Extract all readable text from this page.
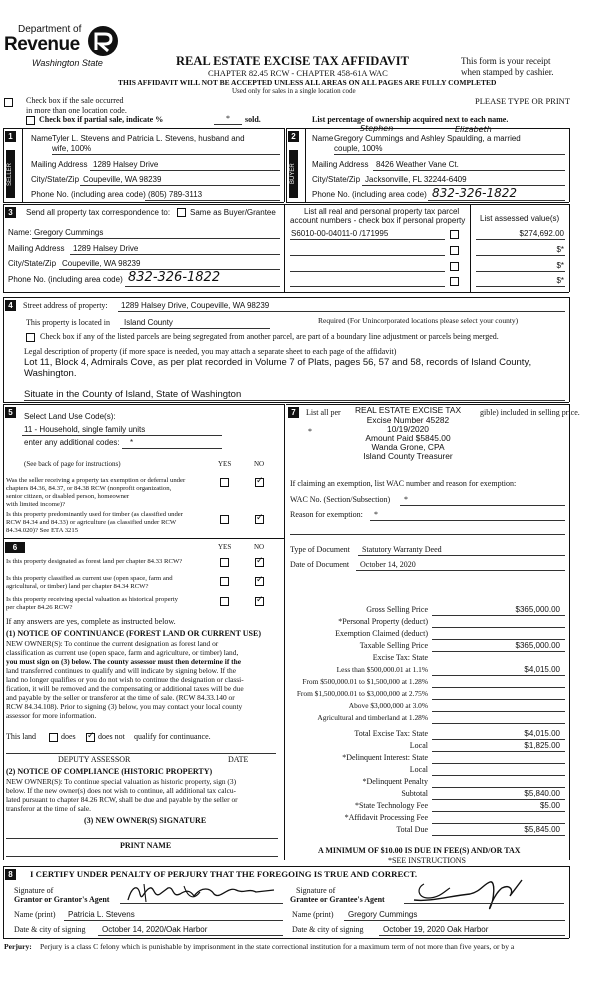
Department of
Revenue
Washington State	REAL ESTATE EXCISE TAX AFFIDAVIT
CHAPTER 82.45 RCW - CHAPTER 458-61A WAC
THIS AFFIDAVIT WILL NOT BE ACCEPTED UNLESS ALL AREAS ON ALL PAGES ARE FULLY COMPLETED
Used only for sales in a single location code
This form is your receipt
when stamped by cashier.
PLEASE TYPE OR PRINT
Check box if the sale occurred
in more than one location code.
Check box if partial sale, indicate %	* sold.	List percentage of ownership acquired next to each name.
1
SELLER GRANTOR
Name Tyler L. Stevens and Patricia L. Stevens, husband and
wife, 100%
Mailing Address 1289 Halsey Drive
City/State/Zip Coupeville, WA 98239
Phone No. (including area code) (805) 789-3113
2
BUYER GRANTEE
Stephen	Elizabeth
Name Gregory Cummings and Ashley Spaulding, a married
couple, 100%
Mailing Address 8426 Weather Vane Ct.
City/State/Zip Jacksonville, FL 32244-6409
Phone No. (including area code) 832-326-1822
3	Send all property tax correspondence to: Same as Buyer/Grantee
Name: Gregory Cummings
Mailing Address 1289 Halsey Drive
City/State/Zip Coupeville, WA 98239
Phone No. (including area code) 832-326-1822
List all real and personal property tax parcel
account numbers - check box if personal property List assessed value(s)
S6010-00-04011-0 /171995	$274,692.00
$*
$*
$*
4	Street address of property: 1289 Halsey Drive, Coupeville, WA 98239
This property is located in Island County	Required (For Unincorporated locations please select your county)
Check box if any of the listed parcels are being segregated from another parcel, are part of a boundary line adjustment or parcels being merged.
Legal description of property (if more space is needed, you may attach a separate sheet to each page of the affidavit)
Lot 11, Block 4, Admirals Cove, as per plat recorded in Volume 7 of Plats, pages 56, 57 and 58, records of Island County,
Washington.
Situate in the County of Island, State of Washington
5	Select Land Use Code(s):
11 - Household, single family units
enter any additional codes: *
(See back of page for instructions)	YES	NO
Was the seller receiving a property tax exemption or deferral under
chapters 84.36, 84.37, or 84.38 RCW (nonprofit organization,
senior citizen, or disabled person, homeowner
with limited income)?
✓
Is this property predominantly used for timber (as classified under
RCW 84.34 and 84.33) or agriculture (as classified under RCW
84.34.020)? See ETA 3215
✓
6	YES	NO
Is this property designated as forest land per chapter 84.33 RCW?
✓
Is this property classified as current use (open space, farm and
agricultural, or timber) land per chapter 84.34 RCW?
✓
Is this property receiving special valuation as historical property
per chapter 84.26 RCW?
✓
If any answers are yes, complete as instructed below.
(1) NOTICE OF CONTINUANCE (FOREST LAND OR CURRENT USE)
NEW OWNER(S): To continue the current designation as forest land or
classification as current use (open space, farm and agriculture, or timber) land,
you must sign on (3) below. The county assessor must then determine if the
land transferred continues to qualify and will indicate by signing below. If the
land no longer qualifies or you do not wish to continue the designation or classi-
fication, it will be removed and the compensating or additional taxes will be due
and payable by the seller or transferor at the time of sale. (RCW 84.33.140 or
RCW 84.34.108). Prior to signing (3) below, you may contact your local county
assessor for more information.
This land	does
✓	does not qualify for continuance.
DEPUTY ASSESSOR	DATE
(2) NOTICE OF COMPLIANCE (HISTORIC PROPERTY)
NEW OWNER(S): To continue special valuation as historic property, sign (3)
below. If the new owner(s) does not wish to continue, all additional tax calcu-
lated pursuant to chapter 84.26 RCW, shall be due and payable by the seller or
transferor at the time of sale.
(3) NEW OWNER(S) SIGNATURE
PRINT NAME
7	List all per	gible) included in selling price.
*
REAL ESTATE EXCISE TAX
Excise Number 45282
10/19/2020
Amount Paid $5845.00
Wanda Grone, CPA
Island County Treasurer
If claiming an exemption, list WAC number and reason for exemption:
WAC No. (Section/Subsection) *
Reason for exemption: *
Type of Document Statutory Warranty Deed
Date of Document October 14, 2020
Gross Selling Price	$365,000.00
*Personal Property (deduct)
Exemption Claimed (deduct)
Taxable Selling Price	$365,000.00
Excise Tax: State
Less than $500,000.01 at 1.1%	$4,015.00
From $500,000.01 to $1,500,000 at 1.28%
From $1,500,000.01 to $3,000,000 at 2.75%
Above $3,000,000 at 3.0%
Agricultural and timberland at 1.28%
Total Excise Tax: State	$4,015.00
Local	$1,825.00
*Delinquent Interest: State
Local
*Delinquent Penalty
Subtotal	$5,840.00
*State Technology Fee	$5.00
*Affidavit Processing Fee
Total Due	$5,845.00
A MINIMUM OF $10.00 IS DUE IN FEE(S) AND/OR TAX
*SEE INSTRUCTIONS
8	I CERTIFY UNDER PENALTY OF PERJURY THAT THE FOREGOING IS TRUE AND CORRECT.
Signature of
Grantor or Grantor's Agent
Name (print) Patricia L. Stevens
Date & city of signing October 14, 2020/Oak Harbor
Signature of
Grantee or Grantee's Agent
Name (print) Gregory Cummings
Date & city of signing October 19, 2020 Oak Harbor
Perjury: Perjury is a class C felony which is punishable by imprisonment in the state correctional institution for a maximum term of not more than five years, or by a
